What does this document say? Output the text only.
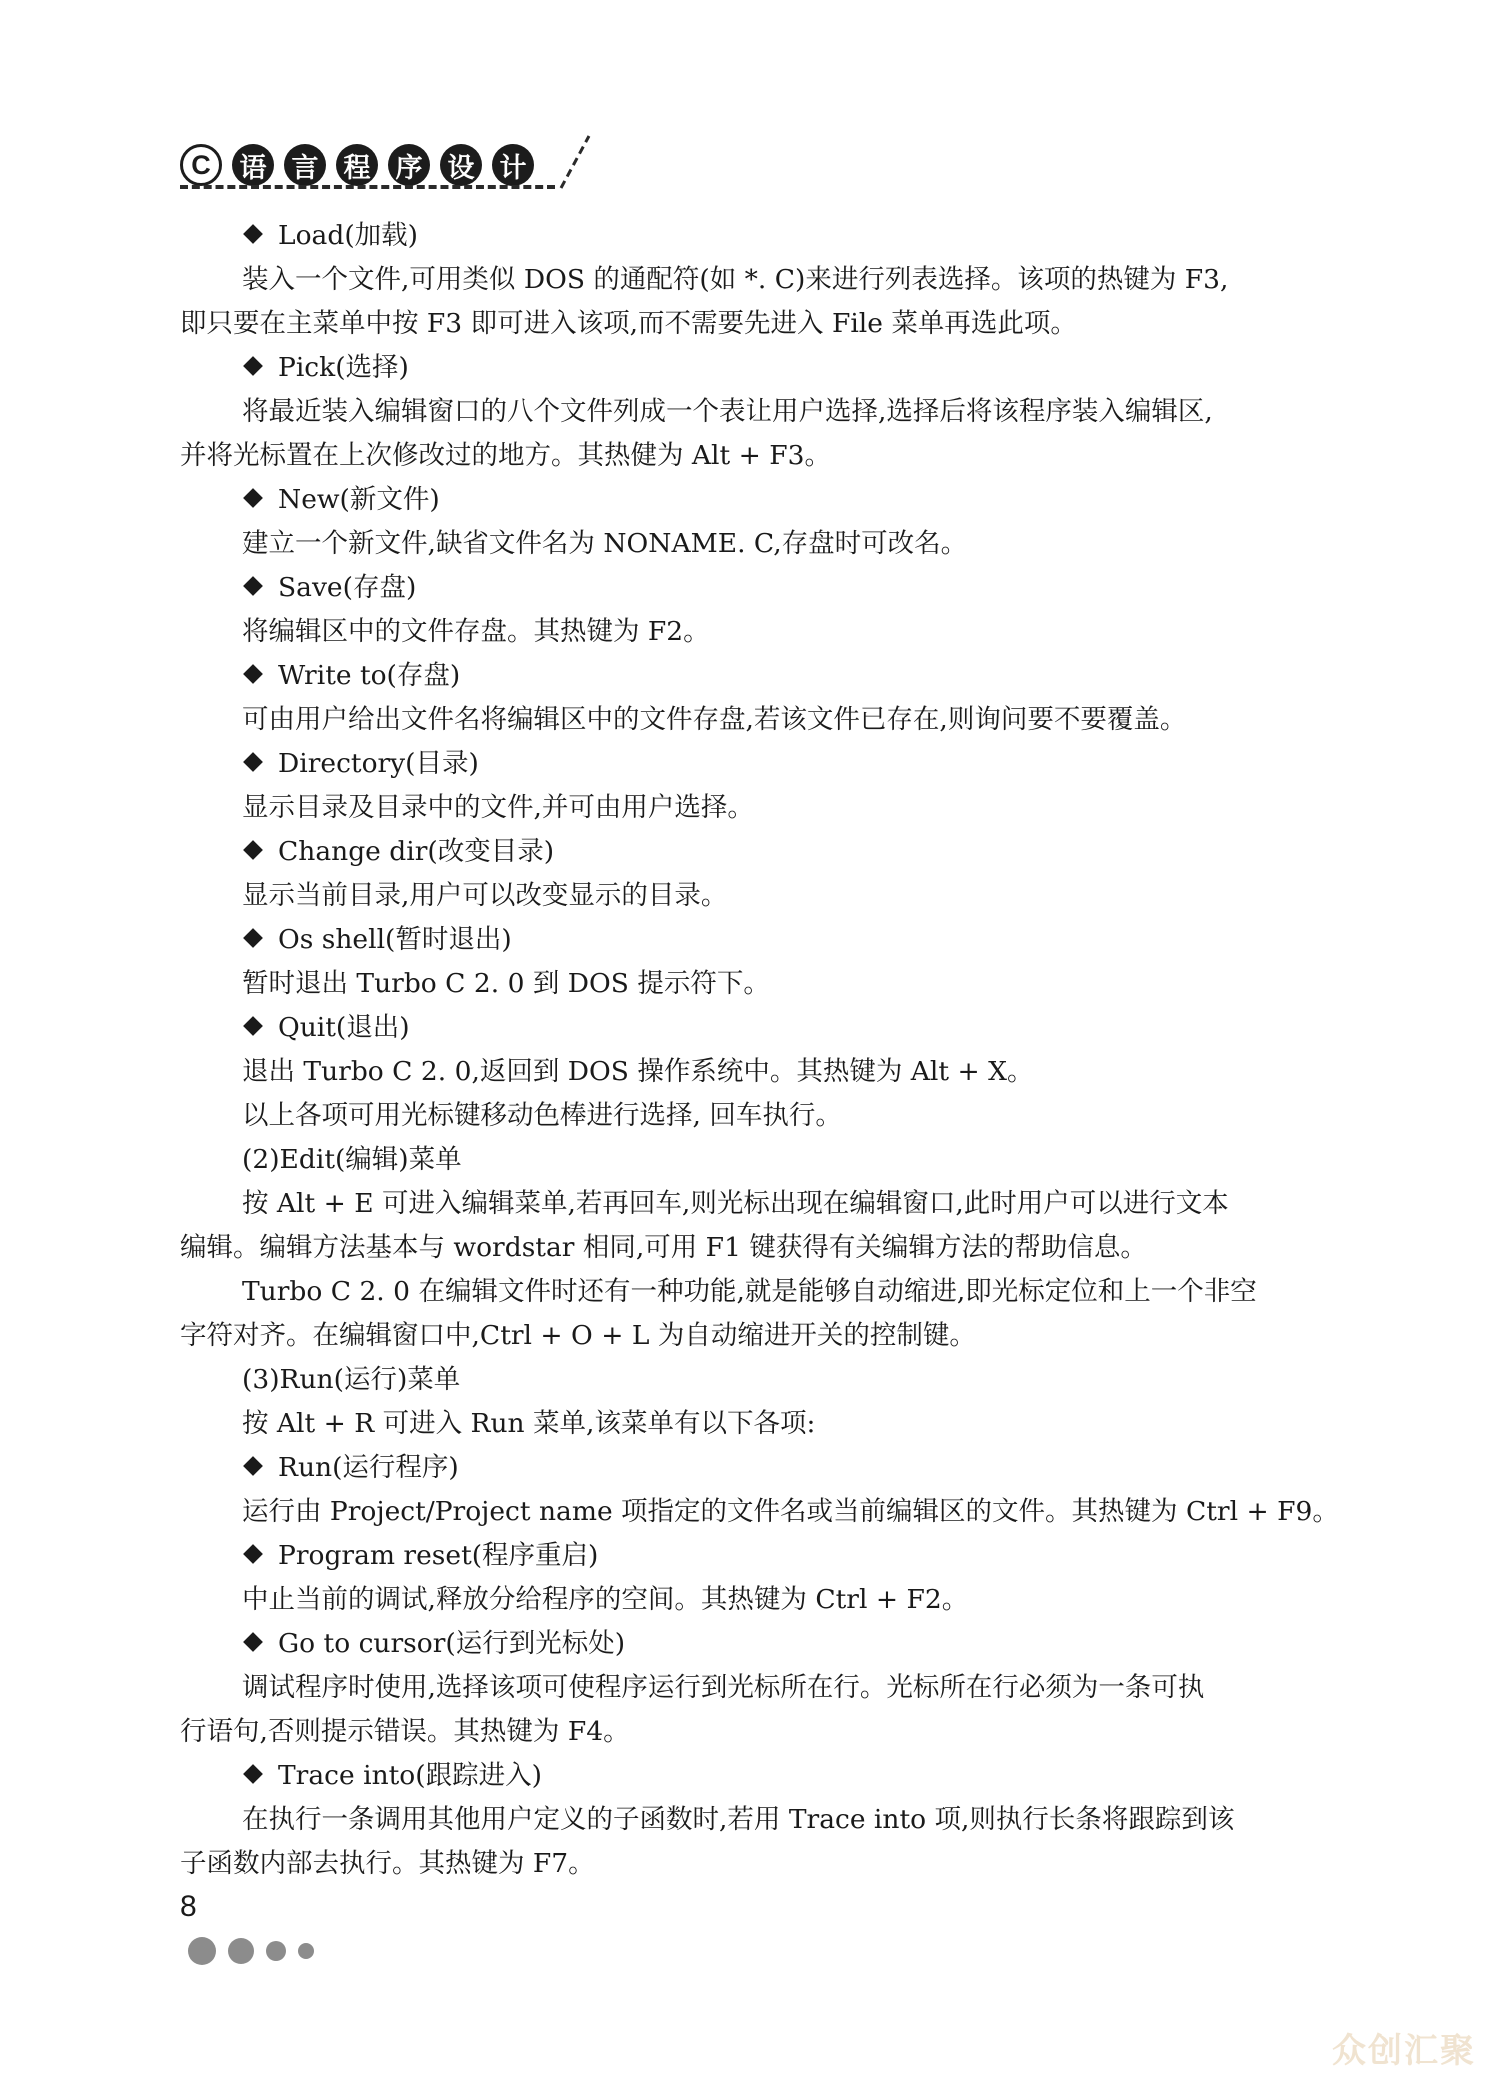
C	语 言 程 序 设 计

Load(加载)

装入一个文件,可用类似 DOS 的通配符(如 *. C)来进行列表选择。该项的热键为 F3,

即只要在主菜单中按 F3 即可进入该项,而不需要先进入 File 菜单再选此项。

Pick(选择)

将最近装入编辑窗口的八个文件列成一个表让用户选择,选择后将该程序装入编辑区,

并将光标置在上次修改过的地方。其热健为 Alt + F3。

New(新文件)

建立一个新文件,缺省文件名为 NONAME. C,存盘时可改名。

Save(存盘)

将编辑区中的文件存盘。其热键为 F2。

Write to(存盘)

可由用户给出文件名将编辑区中的文件存盘,若该文件已存在,则询问要不要覆盖。

Directory(目录)

显示目录及目录中的文件,并可由用户选择。

Change dir(改变目录)

显示当前目录,用户可以改变显示的目录。

Os shell(暂时退出)

暂时退出 Turbo C 2. 0 到 DOS 提示符下。

Quit(退出)

退出 Turbo C 2. 0,返回到 DOS 操作系统中。其热键为 Alt + X。

以上各项可用光标键移动色棒进行选择, 回车执行。

(2)Edit(编辑)菜单

按 Alt + E 可进入编辑菜单,若再回车,则光标出现在编辑窗口,此时用户可以进行文本

编辑。编辑方法基本与 wordstar 相同,可用 F1 键获得有关编辑方法的帮助信息。

Turbo C 2. 0 在编辑文件时还有一种功能,就是能够自动缩进,即光标定位和上一个非空

字符对齐。在编辑窗口中,Ctrl + O + L 为自动缩进开关的控制键。

(3)Run(运行)菜单

按 Alt + R 可进入 Run 菜单,该菜单有以下各项:

Run(运行程序)

运行由 Project/Project name 项指定的文件名或当前编辑区的文件。其热键为 Ctrl + F9。

Program reset(程序重启)

中止当前的调试,释放分给程序的空间。其热键为 Ctrl + F2。

Go to cursor(运行到光标处)

调试程序时使用,选择该项可使程序运行到光标所在行。光标所在行必须为一条可执

行语句,否则提示错误。其热键为 F4。

Trace into(跟踪进入)

在执行一条调用其他用户定义的子函数时,若用 Trace into 项,则执行长条将跟踪到该

子函数内部去执行。其热键为 F7。

8
众创汇聚
